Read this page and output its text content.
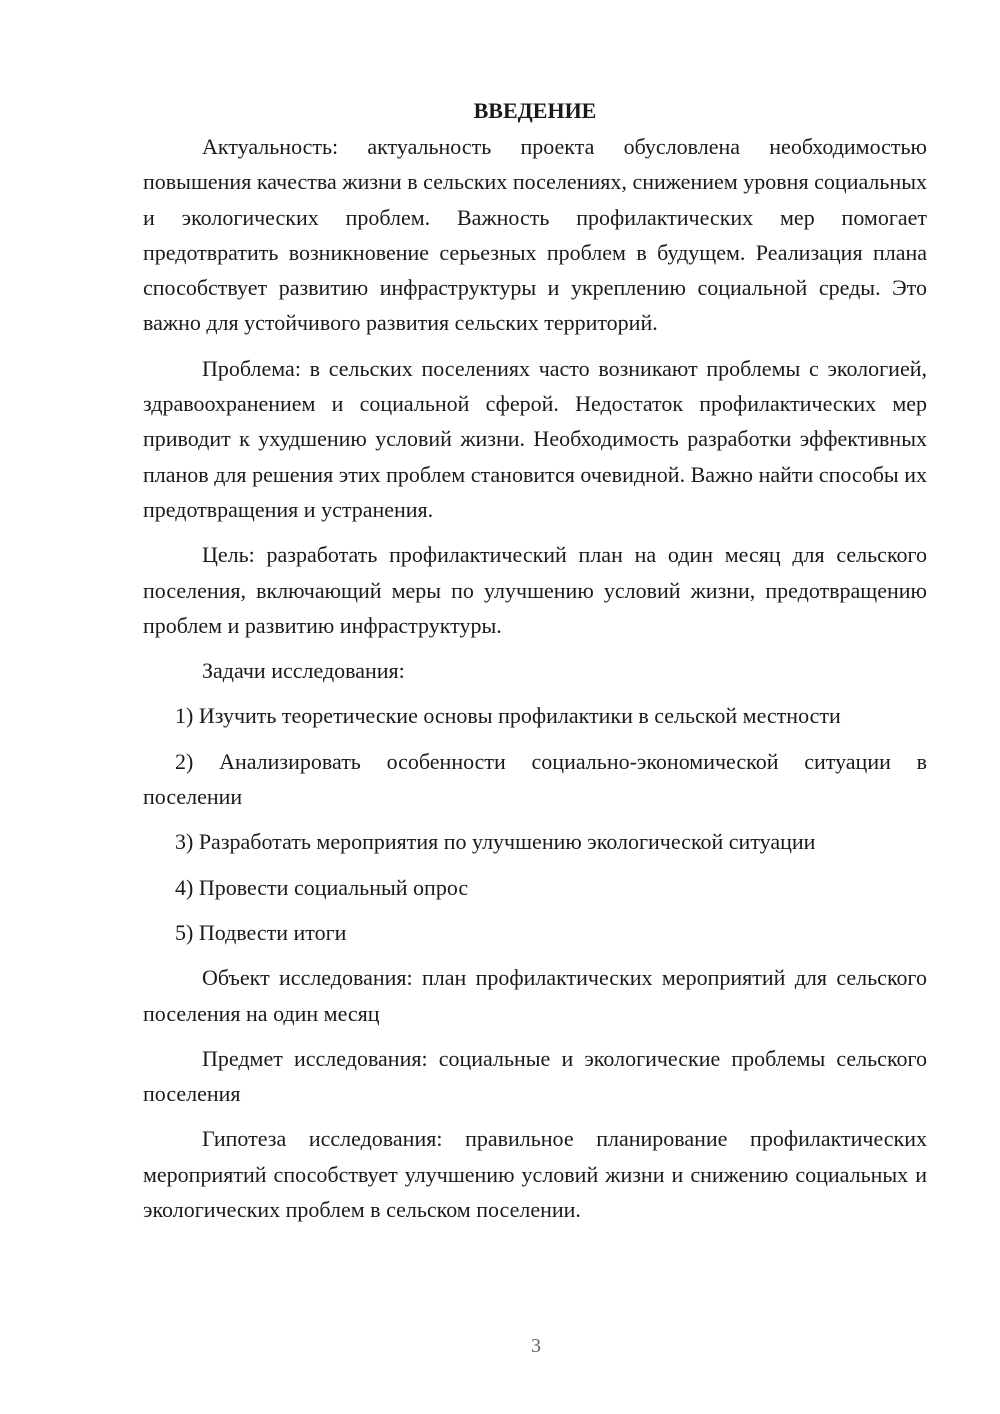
ВВЕДЕНИЕ

Актуальность: актуальность проекта обусловлена необходимостью повышения качества жизни в сельских поселениях, снижением уровня социальных и экологических проблем. Важность профилактических мер помогает предотвратить возникновение серьезных проблем в будущем. Реализация плана способствует развитию инфраструктуры и укреплению социальной среды. Это важно для устойчивого развития сельских территорий.

Проблема: в сельских поселениях часто возникают проблемы с экологией, здравоохранением и социальной сферой. Недостаток профилактических мер приводит к ухудшению условий жизни. Необходимость разработки эффективных планов для решения этих проблем становится очевидной. Важно найти способы их предотвращения и устранения.

Цель: разработать профилактический план на один месяц для сельского поселения, включающий меры по улучшению условий жизни, предотвращению проблем и развитию инфраструктуры.

Задачи исследования:

1) Изучить теоретические основы профилактики в сельской местности

2) Анализировать особенности социально-экономической ситуации в поселении

3) Разработать мероприятия по улучшению экологической ситуации

4) Провести социальный опрос

5) Подвести итоги

Объект исследования: план профилактических мероприятий для сельского поселения на один месяц

Предмет исследования: социальные и экологические проблемы сельского поселения

Гипотеза исследования: правильное планирование профилактических мероприятий способствует улучшению условий жизни и снижению социальных и экологических проблем в сельском поселении.

3
